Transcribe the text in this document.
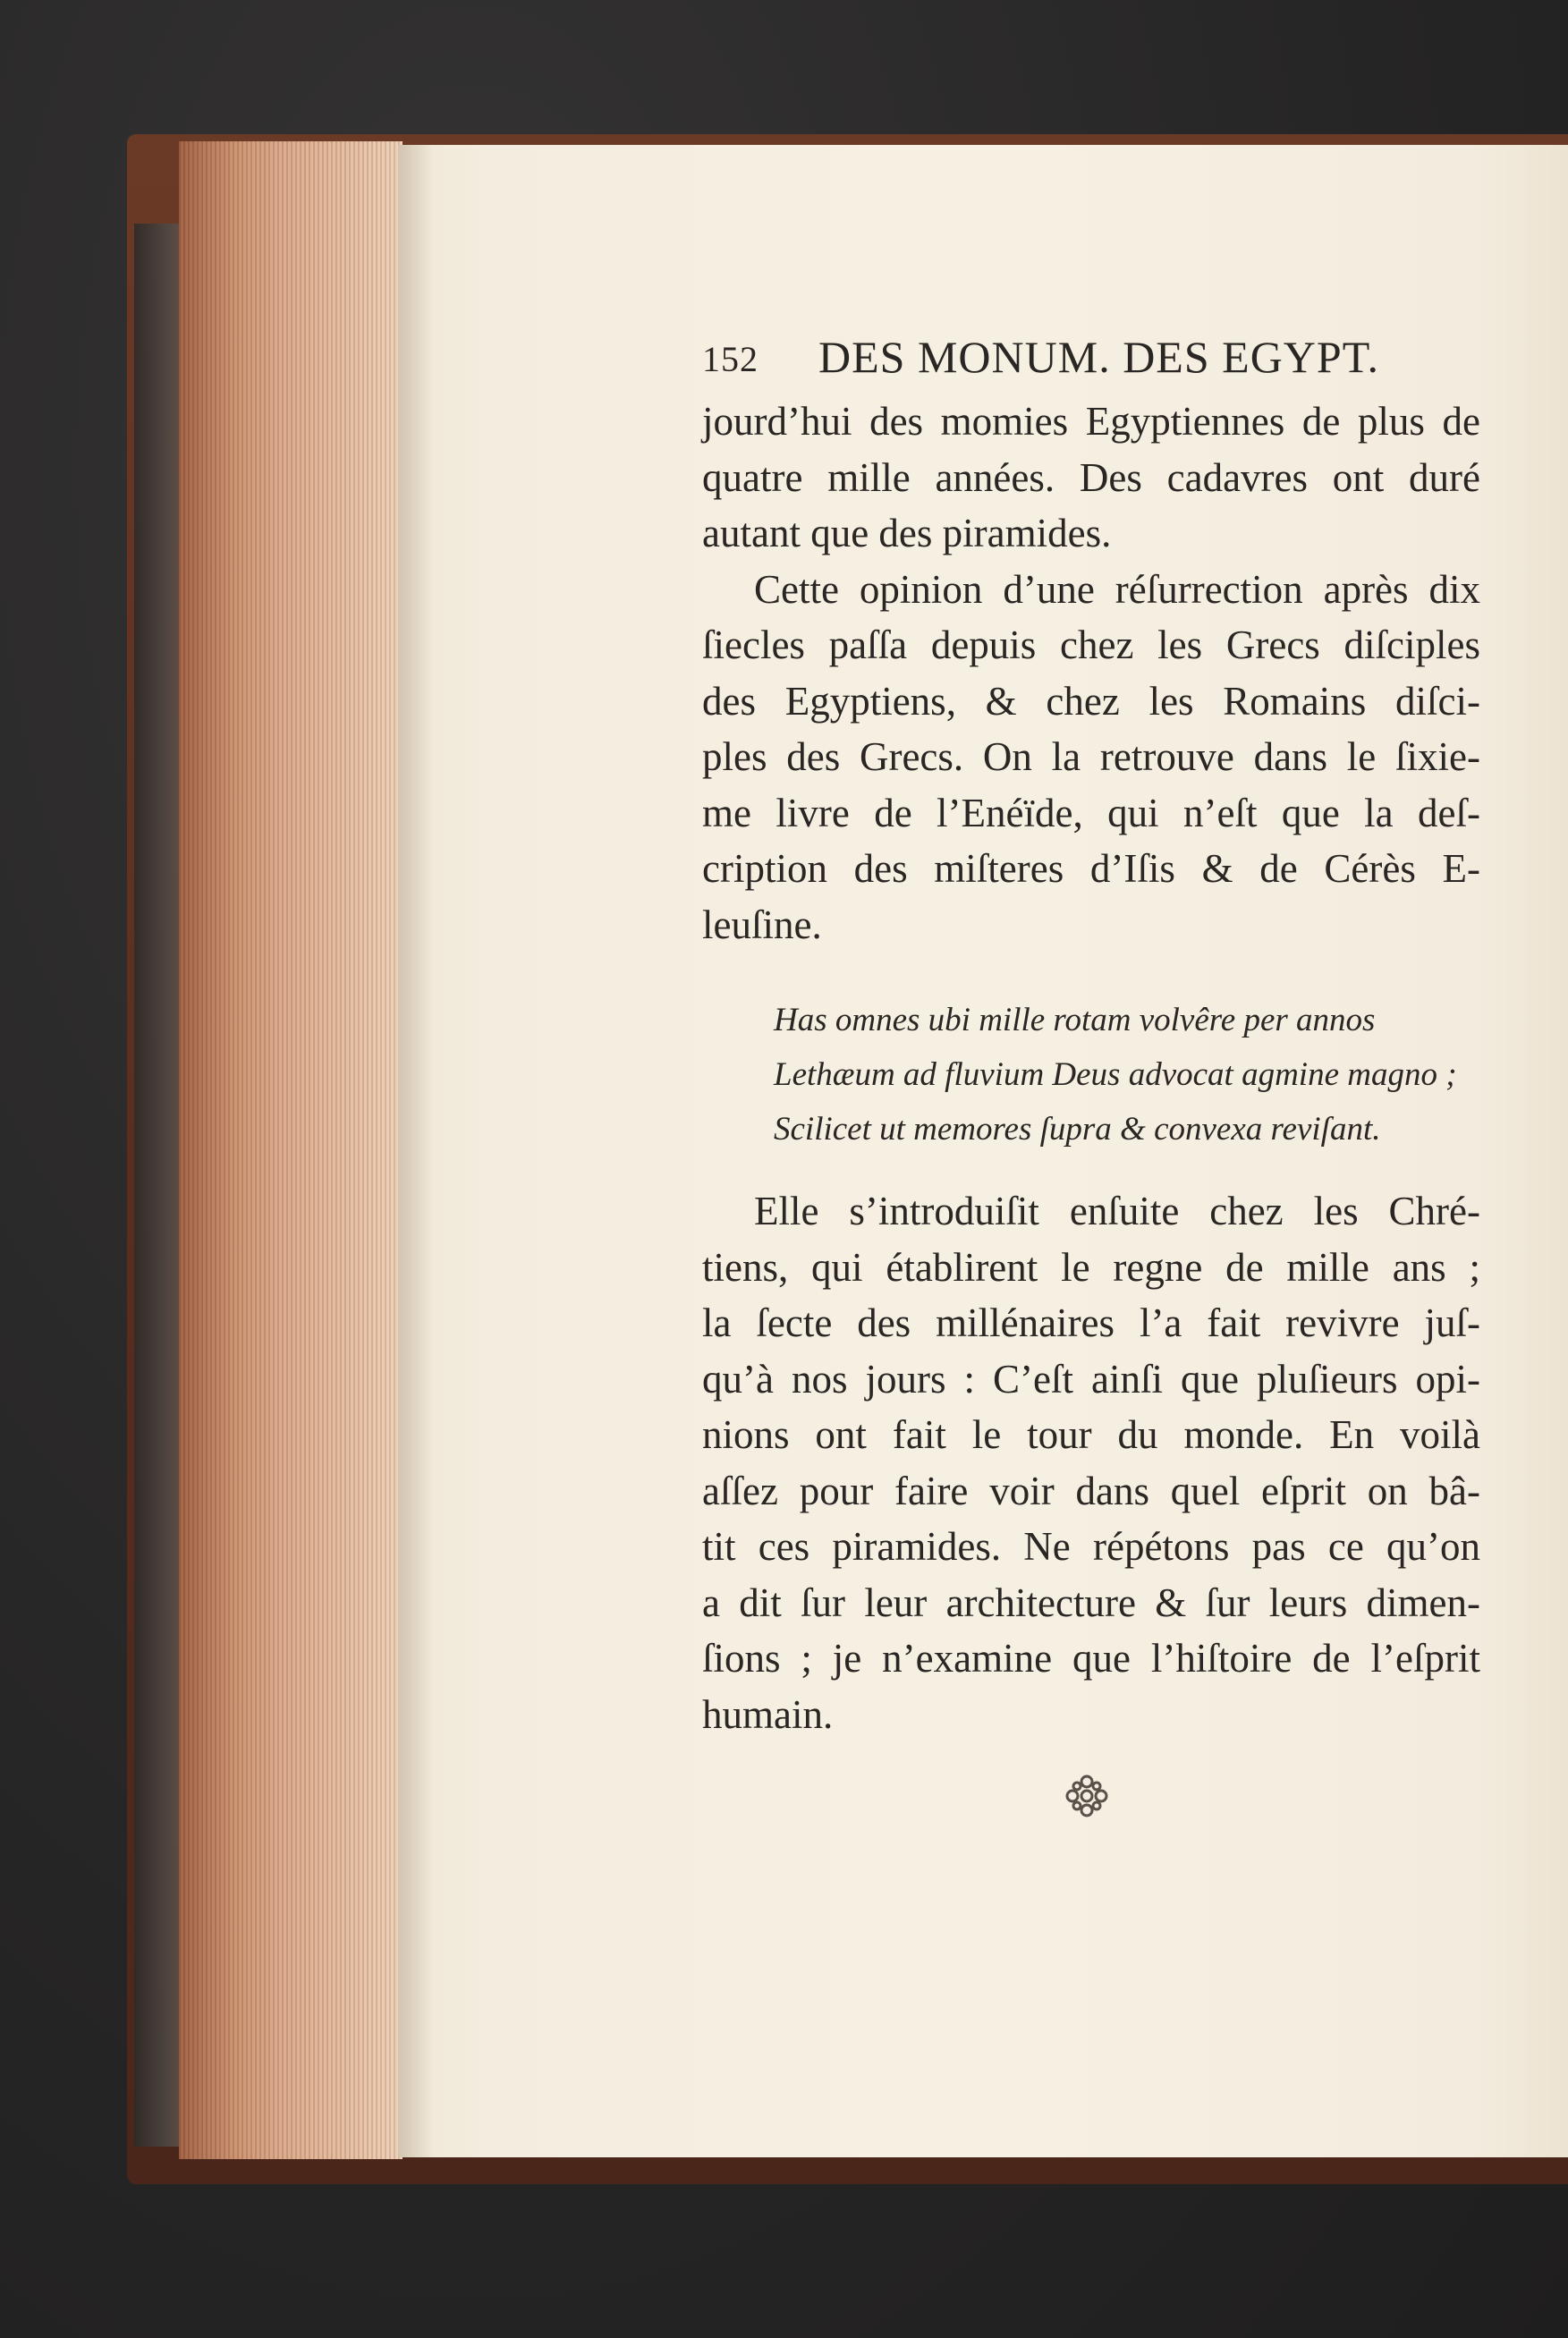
152 DES MONUM. DES EGYPT.

jourd’hui des momies Egyptiennes de plus de
quatre mille années. Des cadavres ont duré
autant que des piramides.

Cette opinion d’une réſurrection après dix
ſiecles paſſa depuis chez les Grecs diſciples
des Egyptiens, & chez les Romains diſci-
ples des Grecs. On la retrouve dans le ſixie-
me livre de l’Enéïde, qui n’eſt que la deſ-
cription des miſteres d’Iſis & de Cérès E-
leuſine.

Has omnes ubi mille rotam volvêre per annos
Lethæum ad fluvium Deus advocat agmine magno ;
Scilicet ut memores ſupra & convexa reviſant.

Elle s’introduiſit enſuite chez les Chré-
tiens, qui établirent le regne de mille ans ;
la ſecte des millénaires l’a fait revivre juſ-
qu’à nos jours : C’eſt ainſi que pluſieurs opi-
nions ont fait le tour du monde. En voilà
aſſez pour faire voir dans quel eſprit on bâ-
tit ces piramides. Ne répétons pas ce qu’on
a dit ſur leur architecture & ſur leurs dimen-
ſions ; je n’examine que l’hiſtoire de l’eſprit
humain.
